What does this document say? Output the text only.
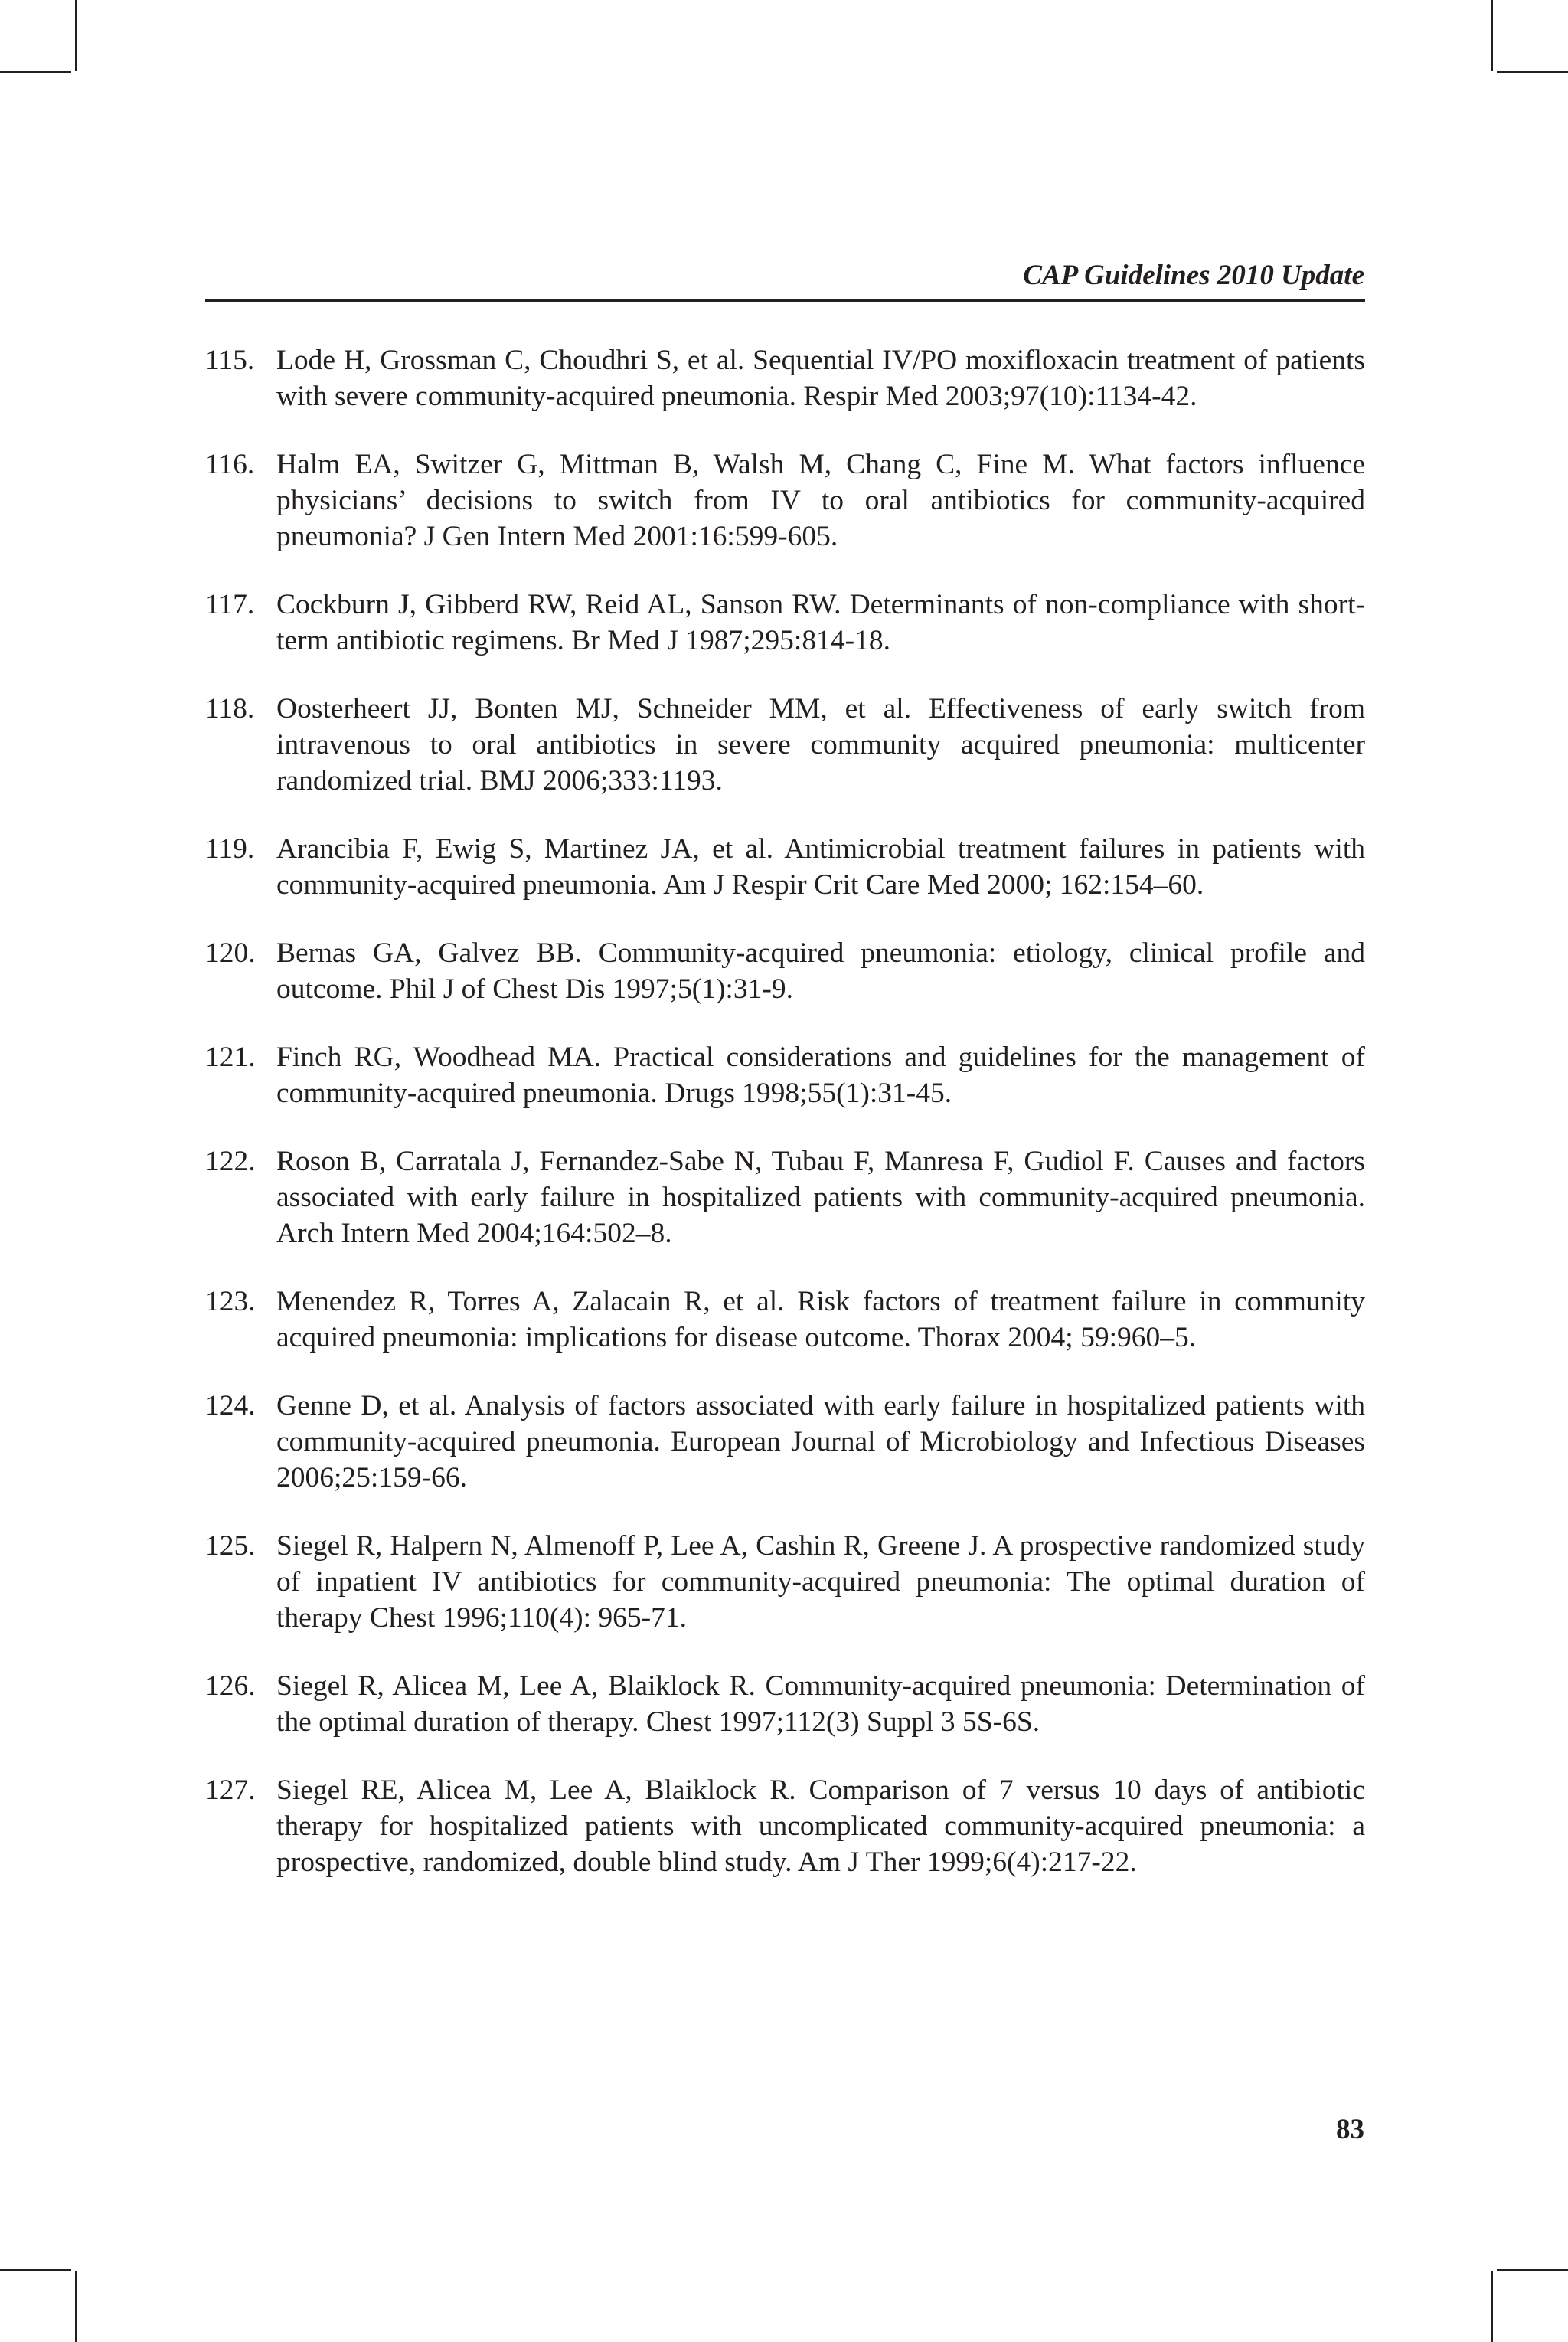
CAP Guidelines 2010 Update
115. Lode H, Grossman C, Choudhri S, et al. Sequential IV/PO moxifloxacin treatment of patients with severe community-acquired pneumonia. Respir Med 2003;97(10):1134-42.
116. Halm EA, Switzer G, Mittman B, Walsh M, Chang C, Fine M. What factors influence physicians’ decisions to switch from IV to oral antibiotics for community-acquired pneumonia? J Gen Intern Med 2001:16:599-605.
117. Cockburn J, Gibberd RW, Reid AL, Sanson RW. Determinants of non-compliance with short-term antibiotic regimens. Br Med J 1987;295:814-18.
118. Oosterheert JJ, Bonten MJ, Schneider MM, et al. Effectiveness of early switch from intravenous to oral antibiotics in severe community acquired pneumonia: multicenter randomized trial. BMJ 2006;333:1193.
119. Arancibia F, Ewig S, Martinez JA, et al. Antimicrobial treatment failures in patients with community-acquired pneumonia. Am J Respir Crit Care Med 2000; 162:154–60.
120. Bernas GA, Galvez BB. Community-acquired pneumonia: etiology, clinical profile and outcome. Phil J of Chest Dis 1997;5(1):31-9.
121. Finch RG, Woodhead MA. Practical considerations and guidelines for the management of community-acquired pneumonia. Drugs 1998;55(1):31-45.
122. Roson B, Carratala J, Fernandez-Sabe N, Tubau F, Manresa F, Gudiol F. Causes and factors associated with early failure in hospitalized patients with community-acquired pneumonia. Arch Intern Med 2004;164:502–8.
123. Menendez R, Torres A, Zalacain R, et al. Risk factors of treatment failure in community acquired pneumonia: implications for disease outcome. Thorax 2004; 59:960–5.
124. Genne D, et al. Analysis of factors associated with early failure in hospitalized patients with community-acquired pneumonia. European Journal of Microbiology and Infectious Diseases 2006;25:159-66.
125. Siegel R, Halpern N, Almenoff P, Lee A, Cashin R, Greene J. A prospective randomized study of inpatient IV antibiotics for community-acquired pneumonia: The optimal duration of therapy Chest 1996;110(4): 965-71.
126. Siegel R, Alicea M, Lee A, Blaiklock R. Community-acquired pneumonia: Determination of the optimal duration of therapy. Chest 1997;112(3) Suppl 3 5S-6S.
127. Siegel RE, Alicea M, Lee A, Blaiklock R. Comparison of 7 versus 10 days of antibiotic therapy for hospitalized patients with uncomplicated community-acquired pneumonia: a prospective, randomized, double blind study. Am J Ther 1999;6(4):217-22.
83
